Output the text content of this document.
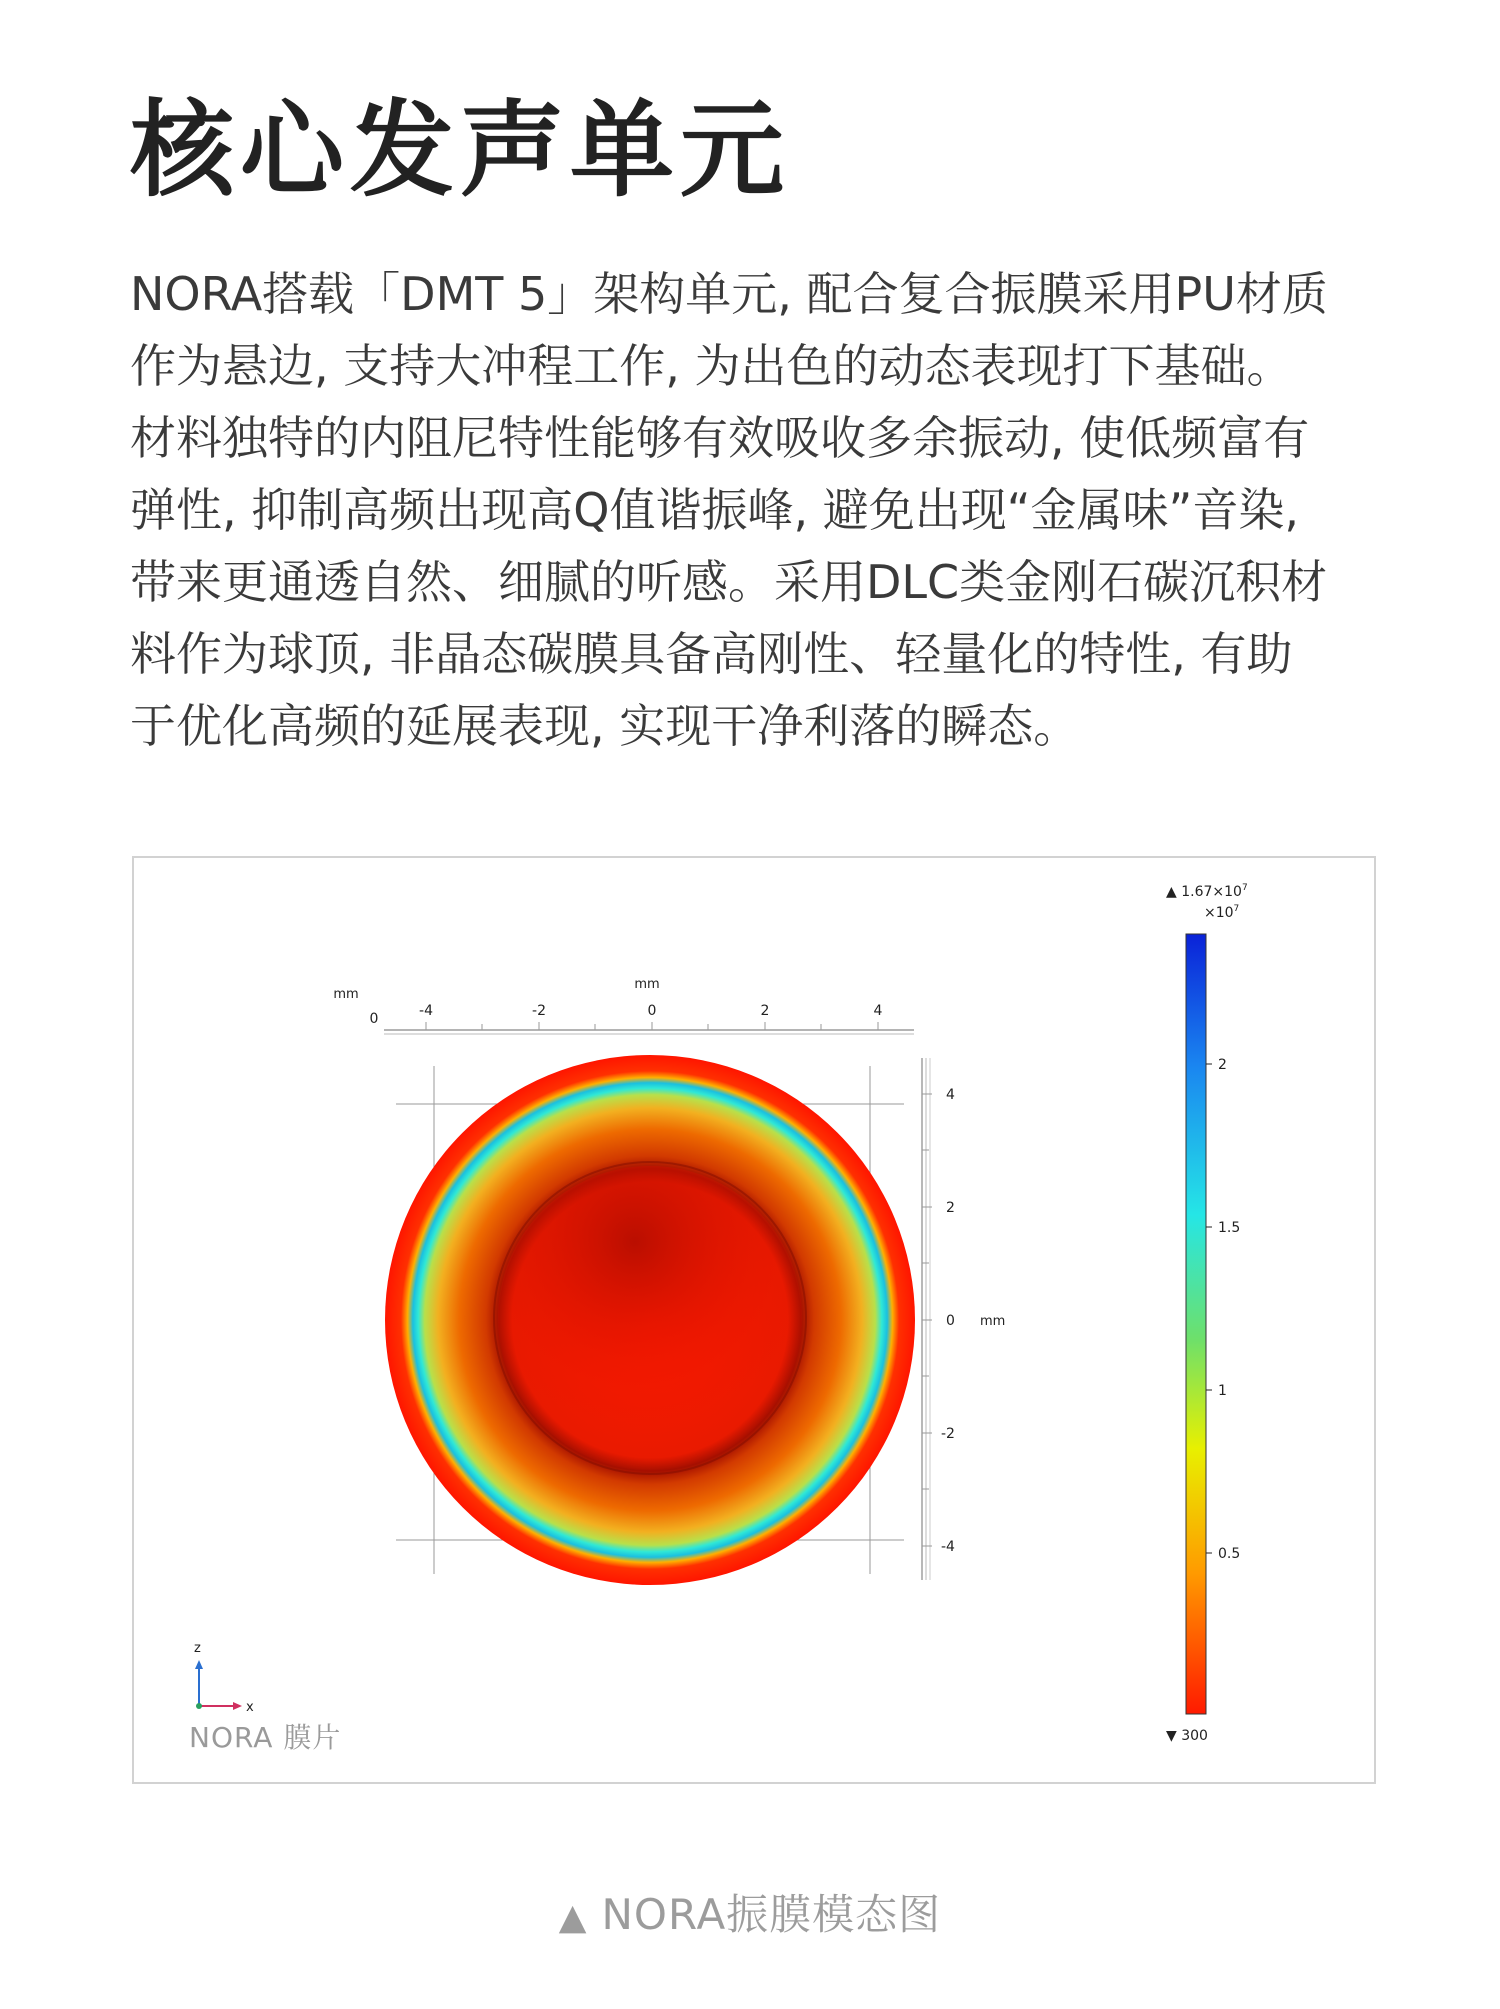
核心发声单元

NORA搭载「DMT 5」架构单元, 配合复合振膜采用PU材质

作为悬边, 支持大冲程工作, 为出色的动态表现打下基础。

材料独特的内阻尼特性能够有效吸收多余振动, 使低频富有

弹性, 抑制高频出现高Q值谐振峰, 避免出现“金属味”音染,

带来更通透自然、细腻的听感。采用DLC类金刚石碳沉积材

料作为球顶, 非晶态碳膜具备高刚性、轻量化的特性, 有助

于优化高频的延展表现, 实现干净利落的瞬态。

mm
mm
0	-4	-2	0	2	4
4
2
0 mm
-2
-4
▲ $1.67\times 10^7$
$\times 10^7$
2
1.5
1
0.5
▼ 300
z
x
NORA 膜片
▲ NORA振膜模态图
